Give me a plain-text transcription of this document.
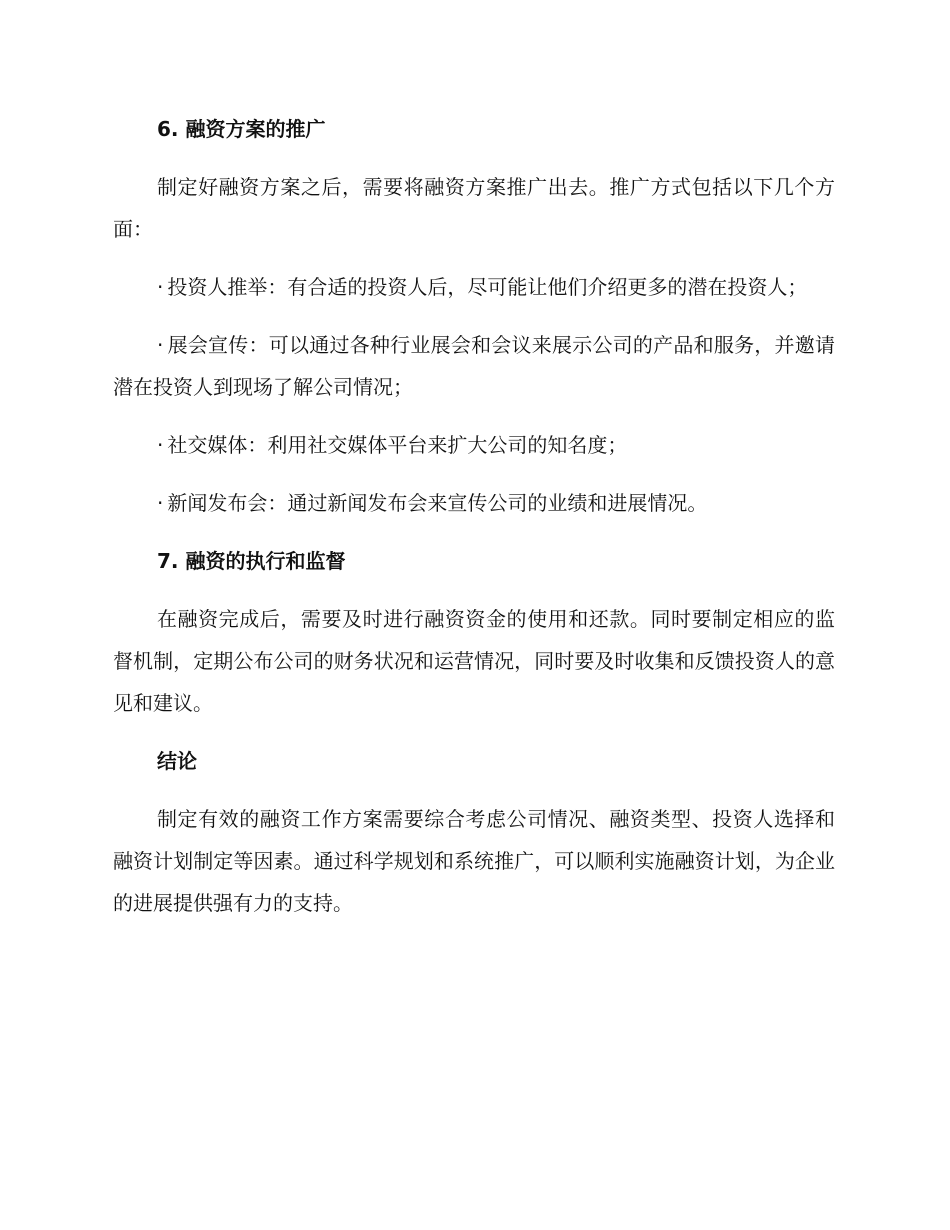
6. 融资方案的推广

制定好融资方案之后，需要将融资方案推广出去。推广方式包括以下几个方面：

· 投资人推举：有合适的投资人后，尽可能让他们介绍更多的潜在投资人；

· 展会宣传：可以通过各种行业展会和会议来展示公司的产品和服务，并邀请潜在投资人到现场了解公司情况；

· 社交媒体：利用社交媒体平台来扩大公司的知名度；

· 新闻发布会：通过新闻发布会来宣传公司的业绩和进展情况。

7. 融资的执行和监督

在融资完成后，需要及时进行融资资金的使用和还款。同时要制定相应的监督机制，定期公布公司的财务状况和运营情况，同时要及时收集和反馈投资人的意见和建议。

结论

制定有效的融资工作方案需要综合考虑公司情况、融资类型、投资人选择和融资计划制定等因素。通过科学规划和系统推广，可以顺利实施融资计划，为企业的进展提供强有力的支持。
